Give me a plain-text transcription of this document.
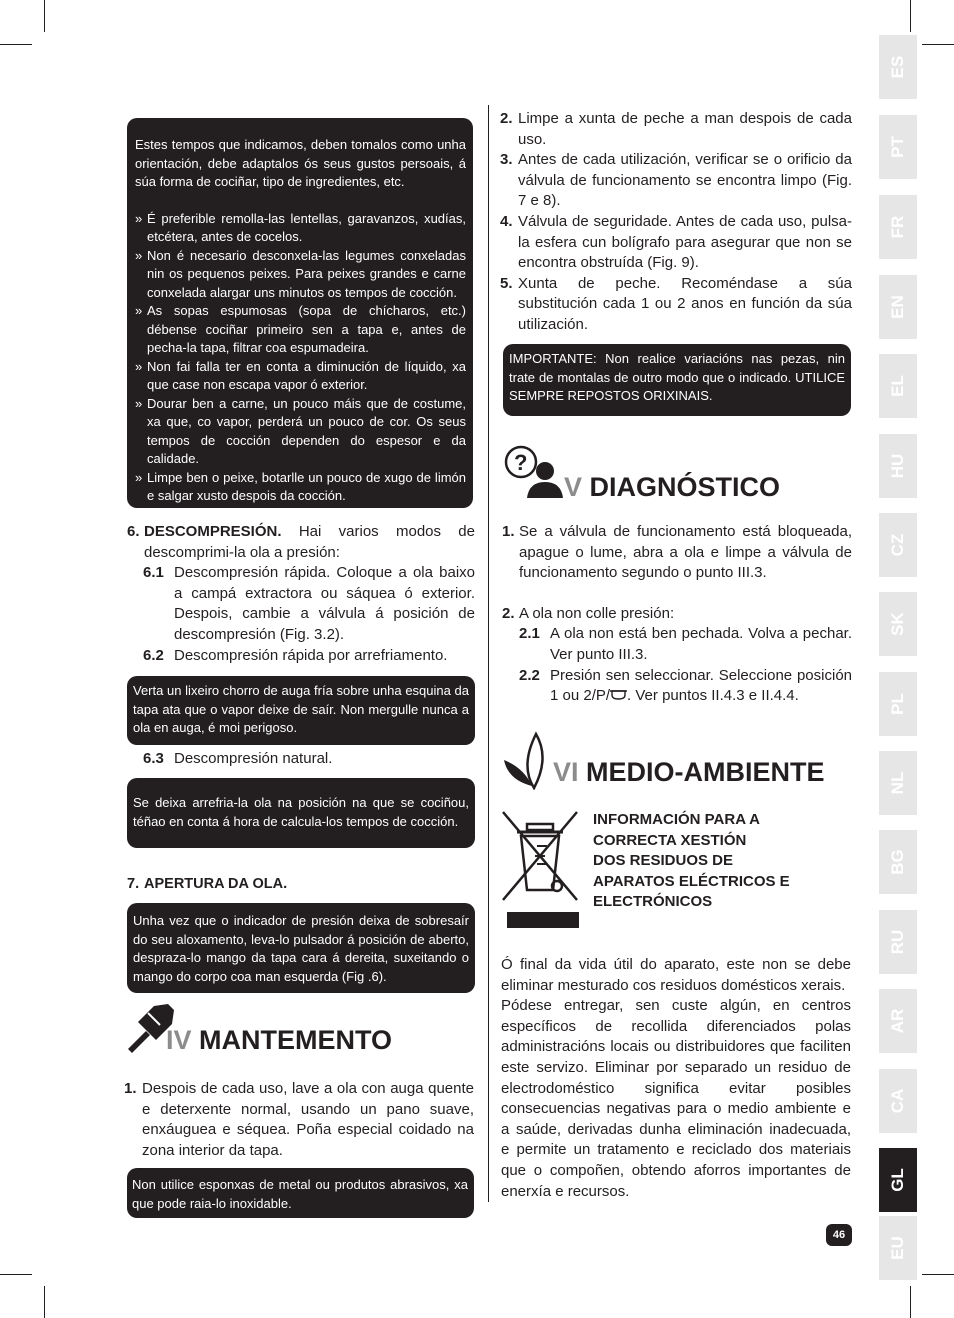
Estes tempos que indicamos, deben tomalos como unha orientación, debe adaptalos ós seus gustos persoais, á súa forma de cociñar, tipo de ingredientes, etc.

» É preferible remolla-las lentellas, garavanzos, xudías, etcétera, antes de cocelos.
» Non é necesario desconxela-las legumes conxeladas nin os pequenos peixes. Para peixes grandes e carne conxelada alargar uns minutos os tempos de cocción.
» As sopas espumosas (sopa de chícharos, etc.) débense cociñar primeiro sen a tapa e, antes de pecha-la tapa, filtrar coa espumadeira.
» Non fai falla ter en conta a diminución de líquido, xa que case non escapa vapor ó exterior.
» Dourar ben a carne, un pouco máis que de costume, xa que, co vapor, perderá un pouco de cor. Os seus tempos de cocción dependen do espesor e da calidade.
» Limpe ben o peixe, botarlle un pouco de xugo de limón e salgar xusto despois da cocción.
6. DESCOMPRESIÓN. Hai varios modos de descomprimi-la ola a presión:
6.1 Descompresión rápida. Coloque a ola baixo a campá extractora ou sáquea ó exterior. Despois, cambie a válvula á posición de descompresión (Fig. 3.2).
6.2 Descompresión rápida por arrefriamento.

Verta un lixeiro chorro de auga fría sobre unha esquina da tapa ata que o vapor deixe de saír. Non mergulle nunca a ola en auga, é moi perigoso.

6.3 Descompresión natural.

Se deixa arrefria-la ola na posición na que se cociñou, téñao en conta á hora de calcula-los tempos de cocción.

7. APERTURA DA OLA.

Unha vez que o indicador de presión deixa de sobresaír do seu aloxamento, leva-lo pulsador á posición de aberto, despraza-lo mango da tapa cara á dereita, suxeitando o mango do corpo coa man esquerda (Fig .6).

IV MANTEMENTO
1. Despois de cada uso, lave a ola con auga quente e deterxente normal, usando un pano suave, enxáuguea e séquea. Poña especial coidado na zona interior da tapa.

Non utilice esponxas de metal ou produtos abrasivos, xa que pode raia-lo inoxidable.

2. Limpe a xunta de peche a man despois de cada uso.
3. Antes de cada utilización, verificar se o orificio da válvula de funcionamento se encontra limpo (Fig. 7 e 8).
4. Válvula de seguridade. Antes de cada uso, pulsa-la esfera cun bolígrafo para asegurar que non se encontra obstruída (Fig. 9).
5. Xunta de peche. Recoméndase a súa substitución cada 1 ou 2 anos en función da súa utilización.

IMPORTANTE: Non realice variacións nas pezas, nin trate de montalas de outro modo que o indicado. UTILICE SEMPRE REPOSTOS ORIXINAIS.

?
V DIAGNÓSTICO
1. Se a válvula de funcionamento está bloqueada, apague o lume, abra a ola e limpe a válvula de funcionamento segundo o punto III.3.
2. A ola non colle presión:
2.1 A ola non está ben pechada. Volva a pechar. Ver punto III.3.
2.2 Presión sen seleccionar. Seleccione posición 1 ou 2/P/ . Ver puntos II.4.3 e II.4.4.
VI MEDIO-AMBIENTE
INFORMACIÓN PARA A
CORRECTA XESTIÓN
DOS RESIDUOS DE
APARATOS ELÉCTRICOS E
ELECTRÓNICOS

Ó final da vida útil do aparato, este non se debe eliminar mesturado cos residuos domésticos xerais.

Pódese entregar, sen custe algún, en centros específicos de recollida diferenciados polas administracións locais ou distribuidores que faciliten este servizo. Eliminar por separado un residuo de electrodoméstico significa evitar posibles consecuencias negativas para o medio ambiente e a saúde, derivadas dunha eliminación inadecuada, e permite un tratamento e reciclado dos materiais que o compoñen, obtendo aforros importantes de enerxía e recursos.

46
ES
PT
FR
EN
EL
HU
CZ
SK
PL
NL
BG
RU
AR
CA
GL
EU
